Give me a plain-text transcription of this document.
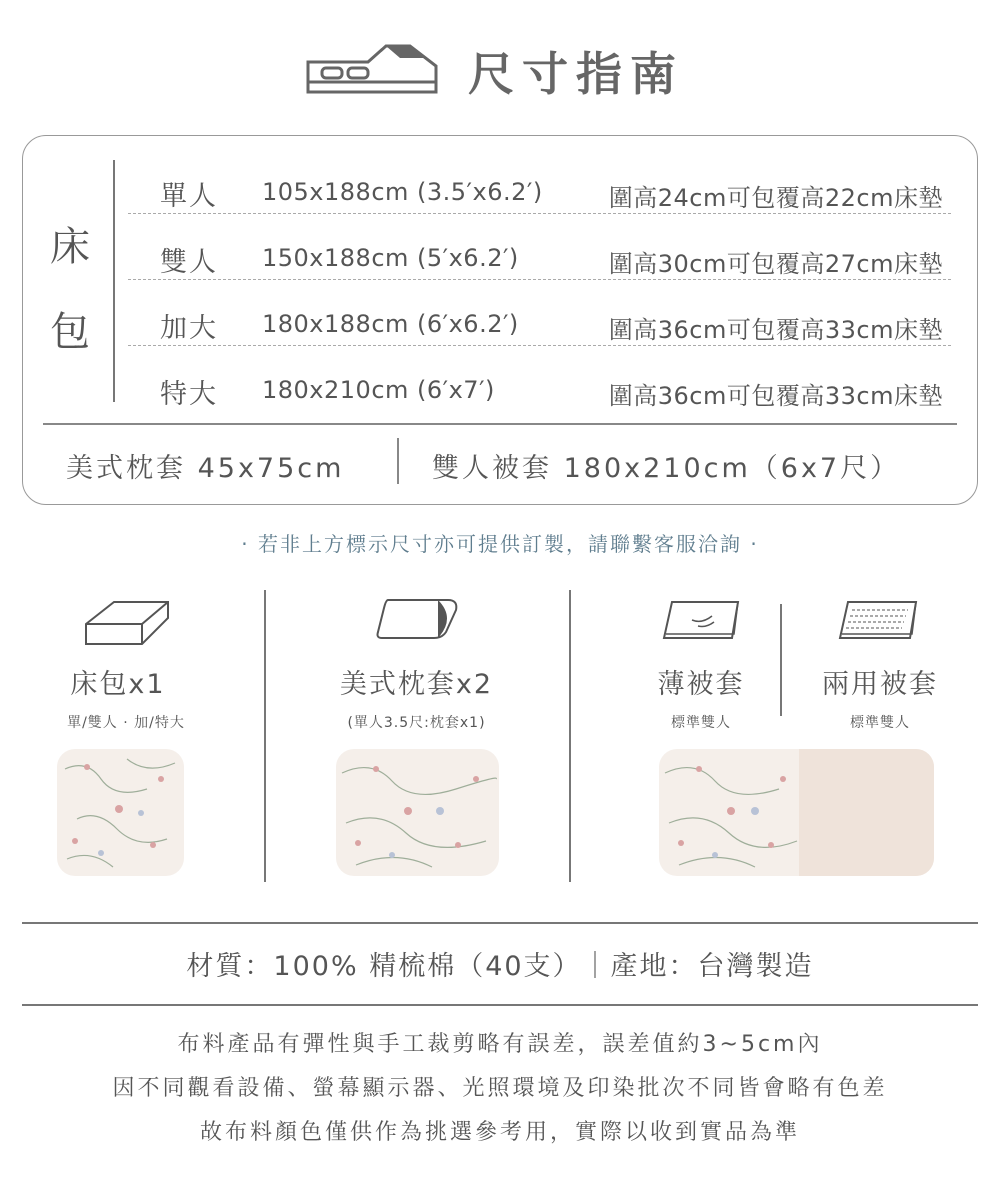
尺寸指南
床
包
單人 105x188cm (3.5′x6.2′)	圍高24cm可包覆高22cm床墊
雙人 150x188cm (5′x6.2′)	圍高30cm可包覆高27cm床墊
加大 180x188cm (6′x6.2′)	圍高36cm可包覆高33cm床墊
特大 180x210cm (6′x7′)	圍高36cm可包覆高33cm床墊
美式枕套 45x75cm	雙人被套 180x210cm（6x7尺）
· 若非上方標示尺寸亦可提供訂製，請聯繫客服洽詢 ·
床包x1
單/雙人 · 加/特大
美式枕套x2
(單人3.5尺:枕套x1)
薄被套
標準雙人
兩用被套
標準雙人
材質：100% 精梳棉（40支）｜產地：台灣製造
布料產品有彈性與手工裁剪略有誤差，誤差值約3~5cm內
因不同觀看設備、螢幕顯示器、光照環境及印染批次不同皆會略有色差
故布料顏色僅供作為挑選參考用，實際以收到實品為準
